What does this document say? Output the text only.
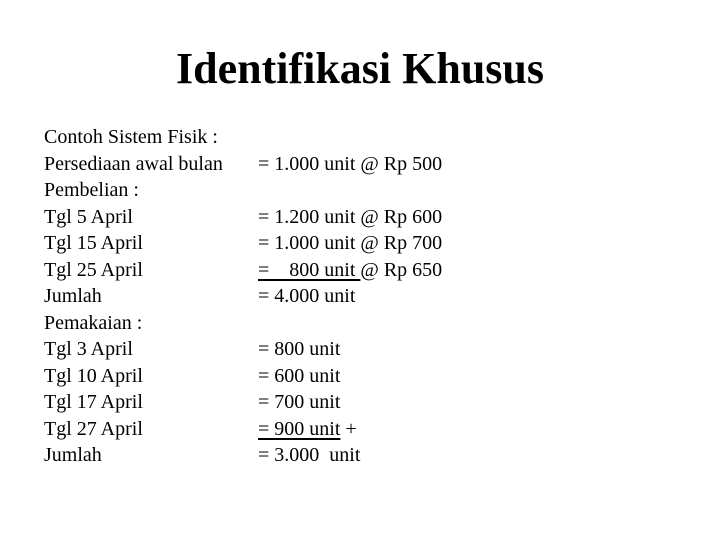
Identifikasi Khusus
Contoh Sistem Fisik :
Persediaan awal bulan	= 1.000 unit @ Rp 500
Pembelian :
Tgl 5 April	= 1.200 unit @ Rp 600
Tgl 15 April	= 1.000 unit @ Rp 700
Tgl 25 April	=    800 unit @ Rp 650
Jumlah	= 4.000 unit
Pemakaian :
Tgl 3 April	= 800 unit
Tgl 10 April	= 600 unit
Tgl 17 April	= 700 unit
Tgl 27 April	= 900 unit +
Jumlah	= 3.000  unit
